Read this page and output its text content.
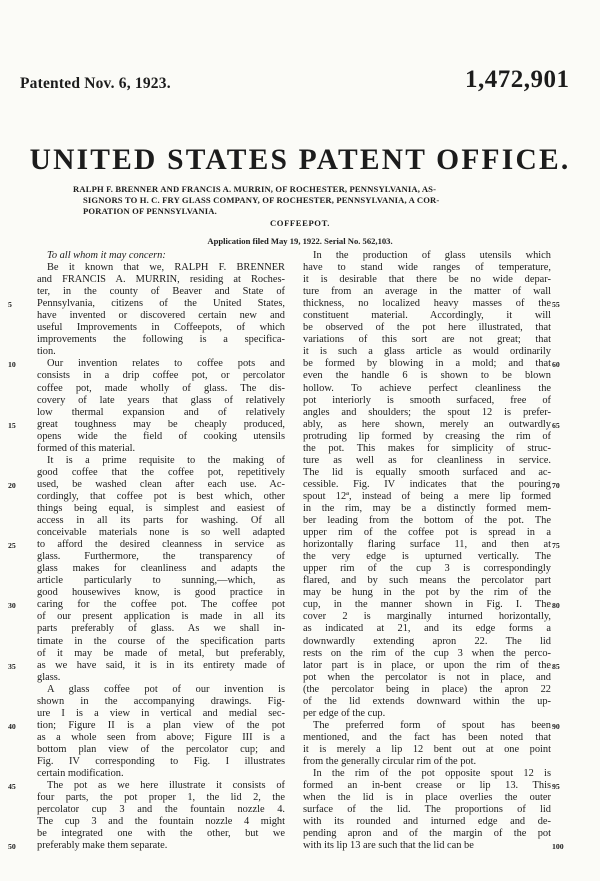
Patented Nov. 6, 1923.	1,472,901
UNITED STATES PATENT OFFICE.
RALPH F. BRENNER AND FRANCIS A. MURRIN, OF ROCHESTER, PENNSYLVANIA, AS-
SIGNORS TO H. C. FRY GLASS COMPANY, OF ROCHESTER, PENNSYLVANIA, A COR-
PORATION OF PENNSYLVANIA.
COFFEEPOT.
Application filed May 19, 1922. Serial No. 562,103.
To all whom it may concern:
Be it known that we, RALPH F. BRENNER
and FRANCIS A. MURRIN, residing at Roches-
ter, in the county of Beaver and State of
Pennsylvania, citizens of the United States,
have invented or discovered certain new and
useful Improvements in Coffeepots, of which
improvements the following is a specifica-
tion.
Our invention relates to coffee pots and
consists in a drip coffee pot, or percolator
coffee pot, made wholly of glass. The dis-
covery of late years that glass of relatively
low thermal expansion and of relatively
great toughness may be cheaply produced,
opens wide the field of cooking utensils
formed of this material.
It is a prime requisite to the making of
good coffee that the coffee pot, repetitively
used, be washed clean after each use. Ac-
cordingly, that coffee pot is best which, other
things being equal, is simplest and easiest of
access in all its parts for washing. Of all
conceivable materials none is so well adapted
to afford the desired cleanness in service as
glass. Furthermore, the transparency of
glass makes for cleanliness and adapts the
article particularly to sunning,—which, as
good housewives know, is good practice in
caring for the coffee pot. The coffee pot
of our present application is made in all its
parts preferably of glass. As we shall in-
timate in the course of the specification parts
of it may be made of metal, but preferably,
as we have said, it is in its entirety made of
glass.
A glass coffee pot of our invention is
shown in the accompanying drawings. Fig-
ure I is a view in vertical and medial sec-
tion; Figure II is a plan view of the pot
as a whole seen from above; Figure III is a
bottom plan view of the percolator cup; and
Fig. IV corresponding to Fig. I illustrates
certain modification.
The pot as we here illustrate it consists of
four parts, the pot proper 1, the lid 2, the
percolator cup 3 and the fountain nozzle 4.
The cup 3 and the fountain nozzle 4 might
be integrated one with the other, but we
preferably make them separate.
In the production of glass utensils which
have to stand wide ranges of temperature,
it is desirable that there be no wide depar-
ture from an average in the matter of wall
thickness, no localized heavy masses of the
constituent material. Accordingly, it will
be observed of the pot here illustrated, that
variations of this sort are not great; that
it is such a glass article as would ordinarily
be formed by blowing in a mold; and that
even the handle 6 is shown to be blown
hollow. To achieve perfect cleanliness the
pot interiorly is smooth surfaced, free of
angles and shoulders; the spout 12 is prefer-
ably, as here shown, merely an outwardly
protruding lip formed by creasing the rim of
the pot. This makes for simplicity of struc-
ture as well as for cleanliness in service.
The lid is equally smooth surfaced and ac-
cessible. Fig. IV indicates that the pouring
spout 12ª, instead of being a mere lip formed
in the rim, may be a distinctly formed mem-
ber leading from the bottom of the pot. The
upper rim of the coffee pot is spread in a
horizontally flaring surface 11, and then at
the very edge is upturned vertically. The
upper rim of the cup 3 is correspondingly
flared, and by such means the percolator part
may be hung in the pot by the rim of the
cup, in the manner shown in Fig. I. The
cover 2 is marginally inturned horizontally,
as indicated at 21, and its edge forms a
downwardly extending apron 22. The lid
rests on the rim of the cup 3 when the perco-
lator part is in place, or upon the rim of the
pot when the percolator is not in place, and
(the percolator being in place) the apron 22
of the lid extends downward within the up-
per edge of the cup.
The preferred form of spout has been
mentioned, and the fact has been noted that
it is merely a lip 12 bent out at one point
from the generally circular rim of the pot.
In the rim of the pot opposite spout 12 is
formed an in-bent crease or lip 13. This
when the lid is in place overlies the outer
surface of the lid. The proportions of lid
with its rounded and inturned edge and de-
pending apron and of the margin of the pot
with its lip 13 are such that the lid can be
5
10
15
20
25
30
35
40
45
50
55
60
65
70
75
80
85
90
95
100
